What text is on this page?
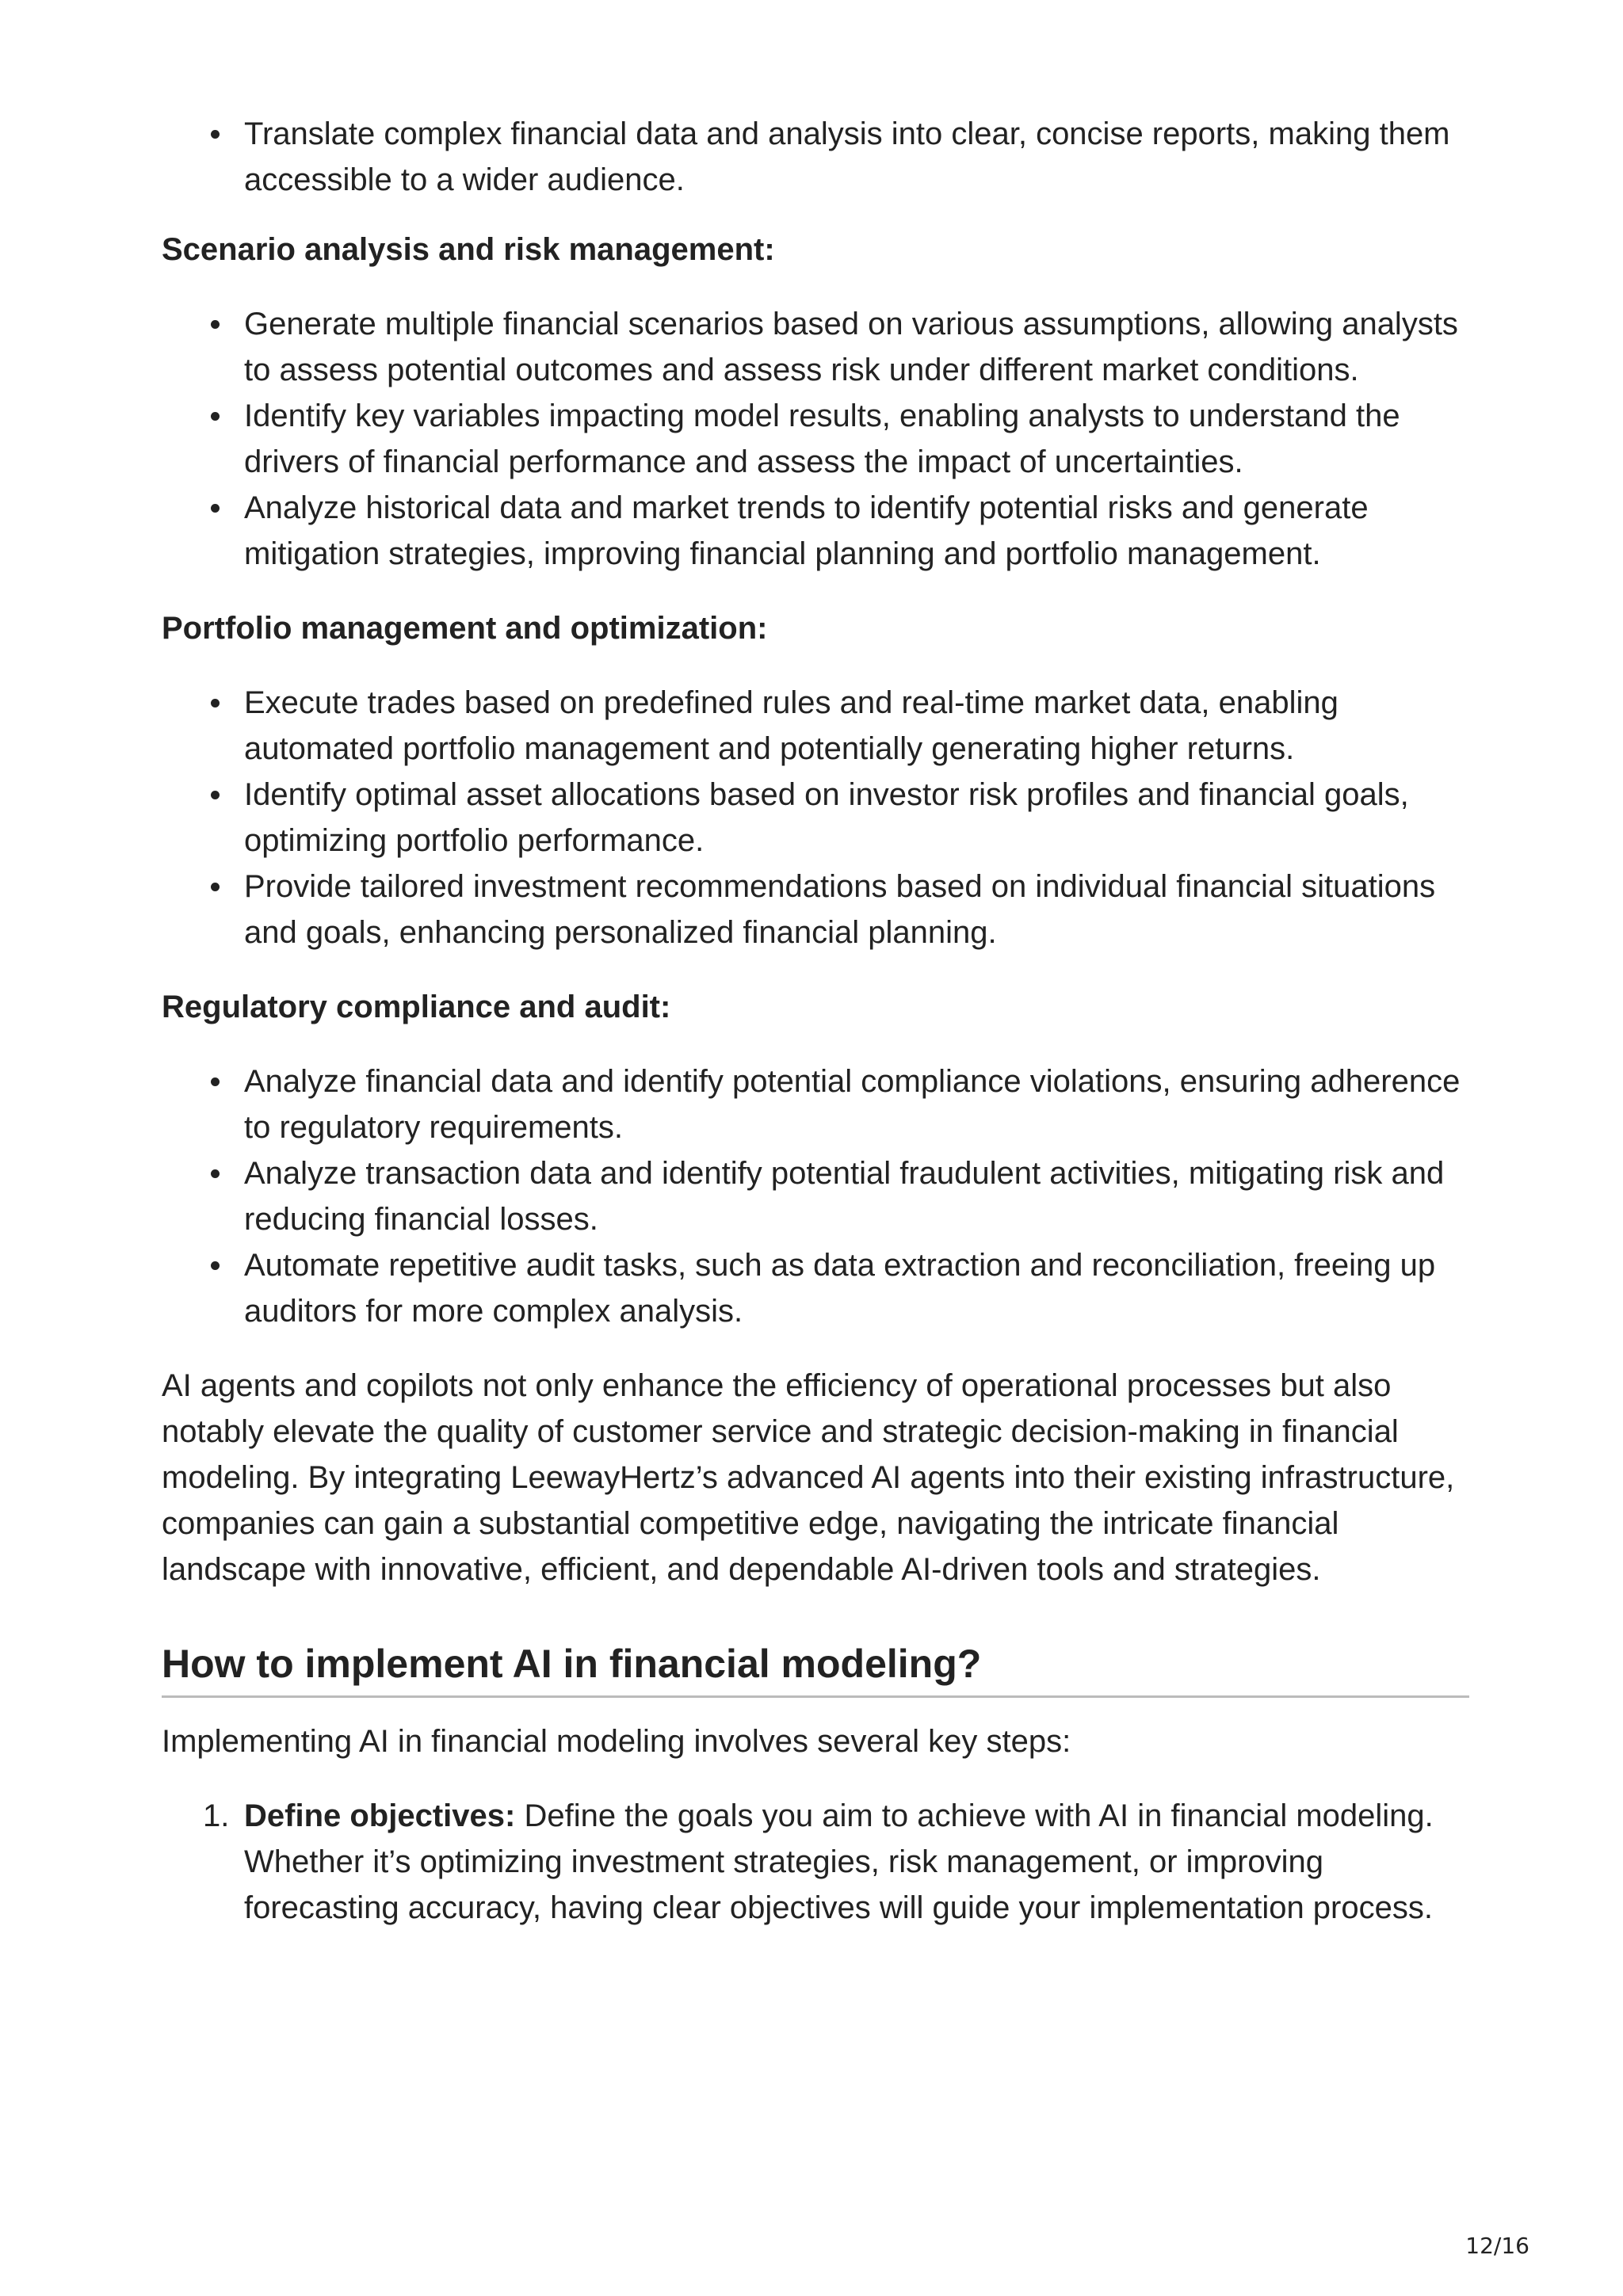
Translate complex financial data and analysis into clear, concise reports, making them accessible to a wider audience.

Scenario analysis and risk management:

Generate multiple financial scenarios based on various assumptions, allowing analysts to assess potential outcomes and assess risk under different market conditions.
Identify key variables impacting model results, enabling analysts to understand the drivers of financial performance and assess the impact of uncertainties.
Analyze historical data and market trends to identify potential risks and generate mitigation strategies, improving financial planning and portfolio management.

Portfolio management and optimization:

Execute trades based on predefined rules and real-time market data, enabling automated portfolio management and potentially generating higher returns.
Identify optimal asset allocations based on investor risk profiles and financial goals, optimizing portfolio performance.
Provide tailored investment recommendations based on individual financial situations and goals, enhancing personalized financial planning.

Regulatory compliance and audit:

Analyze financial data and identify potential compliance violations, ensuring adherence to regulatory requirements.
Analyze transaction data and identify potential fraudulent activities, mitigating risk and reducing financial losses.
Automate repetitive audit tasks, such as data extraction and reconciliation, freeing up auditors for more complex analysis.

AI agents and copilots not only enhance the efficiency of operational processes but also notably elevate the quality of customer service and strategic decision-making in financial modeling. By integrating LeewayHertz’s advanced AI agents into their existing infrastructure, companies can gain a substantial competitive edge, navigating the intricate financial landscape with innovative, efficient, and dependable AI-driven tools and strategies.

How to implement AI in financial modeling?

Implementing AI in financial modeling involves several key steps:

1. Define objectives: Define the goals you aim to achieve with AI in financial modeling. Whether it’s optimizing investment strategies, risk management, or improving forecasting accuracy, having clear objectives will guide your implementation process.
12/16
